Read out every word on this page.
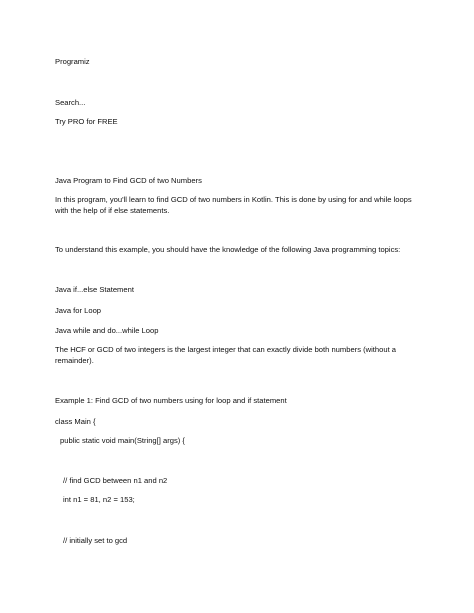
Programiz
Search...
Try PRO for FREE
Java Program to Find GCD of two Numbers
In this program, you'll learn to find GCD of two numbers in Kotlin. This is done by using for and while loops with the help of if else statements.
To understand this example, you should have the knowledge of the following Java programming topics:
Java if...else Statement
Java for Loop
Java while and do...while Loop
The HCF or GCD of two integers is the largest integer that can exactly divide both numbers (without a remainder).
Example 1: Find GCD of two numbers using for loop and if statement
class Main {
public static void main(String[] args) {
// find GCD between n1 and n2
int n1 = 81, n2 = 153;
// initially set to gcd
